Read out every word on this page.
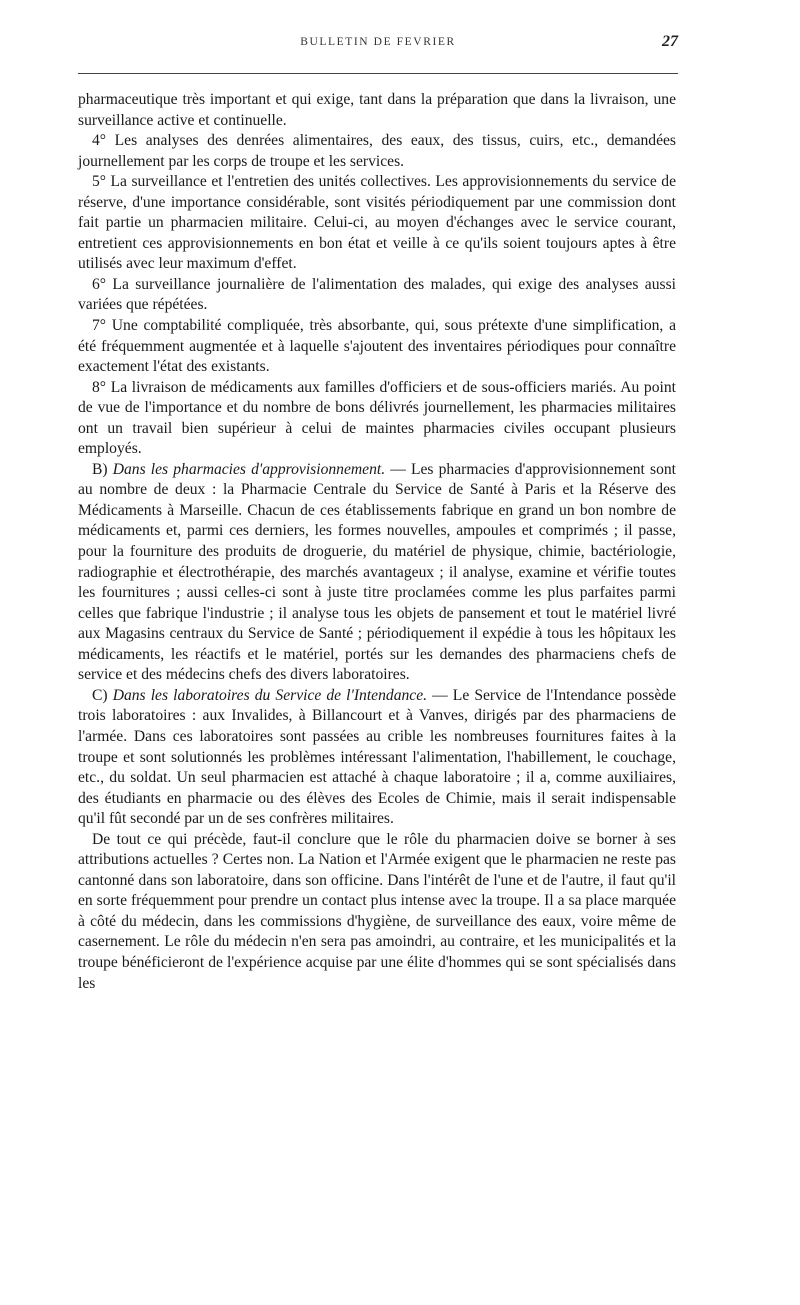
BULLETIN DE FEVRIER	27

pharmaceutique très important et qui exige, tant dans la préparation que dans la livraison, une surveillance active et continuelle.

4° Les analyses des denrées alimentaires, des eaux, des tissus, cuirs, etc., demandées journellement par les corps de troupe et les services.

5° La surveillance et l'entretien des unités collectives. Les approvisionnements du service de réserve, d'une importance considérable, sont visités périodiquement par une commission dont fait partie un pharmacien militaire. Celui-ci, au moyen d'échanges avec le service courant, entretient ces approvisionnements en bon état et veille à ce qu'ils soient toujours aptes à être utilisés avec leur maximum d'effet.

6° La surveillance journalière de l'alimentation des malades, qui exige des analyses aussi variées que répétées.

7° Une comptabilité compliquée, très absorbante, qui, sous prétexte d'une simplification, a été fréquemment augmentée et à laquelle s'ajoutent des inventaires périodiques pour connaître exactement l'état des existants.

8° La livraison de médicaments aux familles d'officiers et de sous-officiers mariés. Au point de vue de l'importance et du nombre de bons délivrés journellement, les pharmacies militaires ont un travail bien supérieur à celui de maintes pharmacies civiles occupant plusieurs employés.

B) Dans les pharmacies d'approvisionnement. — Les pharmacies d'approvisionnement sont au nombre de deux : la Pharmacie Centrale du Service de Santé à Paris et la Réserve des Médicaments à Marseille. Chacun de ces établissements fabrique en grand un bon nombre de médicaments et, parmi ces derniers, les formes nouvelles, ampoules et comprimés ; il passe, pour la fourniture des produits de droguerie, du matériel de physique, chimie, bactériologie, radiographie et électrothérapie, des marchés avantageux ; il analyse, examine et vérifie toutes les fournitures ; aussi celles-ci sont à juste titre proclamées comme les plus parfaites parmi celles que fabrique l'industrie ; il analyse tous les objets de pansement et tout le matériel livré aux Magasins centraux du Service de Santé ; périodiquement il expédie à tous les hôpitaux les médicaments, les réactifs et le matériel, portés sur les demandes des pharmaciens chefs de service et des médecins chefs des divers laboratoires.

C) Dans les laboratoires du Service de l'Intendance. — Le Service de l'Intendance possède trois laboratoires : aux Invalides, à Billancourt et à Vanves, dirigés par des pharmaciens de l'armée. Dans ces laboratoires sont passées au crible les nombreuses fournitures faites à la troupe et sont solutionnés les problèmes intéressant l'alimentation, l'habillement, le couchage, etc., du soldat. Un seul pharmacien est attaché à chaque laboratoire ; il a, comme auxiliaires, des étudiants en pharmacie ou des élèves des Ecoles de Chimie, mais il serait indispensable qu'il fût secondé par un de ses confrères militaires.

De tout ce qui précède, faut-il conclure que le rôle du pharmacien doive se borner à ses attributions actuelles ? Certes non. La Nation et l'Armée exigent que le pharmacien ne reste pas cantonné dans son laboratoire, dans son officine. Dans l'intérêt de l'une et de l'autre, il faut qu'il en sorte fréquemment pour prendre un contact plus intense avec la troupe. Il a sa place marquée à côté du médecin, dans les commissions d'hygiène, de surveillance des eaux, voire même de casernement. Le rôle du médecin n'en sera pas amoindri, au contraire, et les municipalités et la troupe bénéficieront de l'expérience acquise par une élite d'hommes qui se sont spécialisés dans les
